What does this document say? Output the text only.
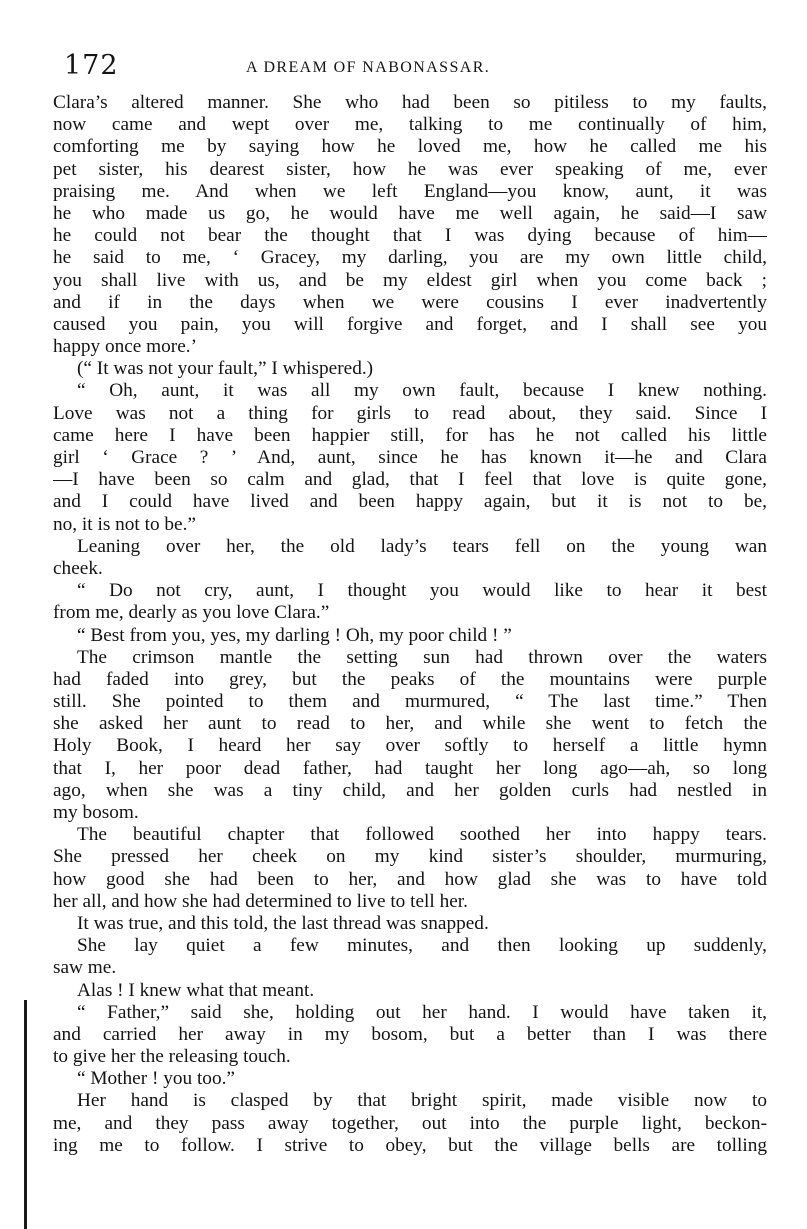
172	A DREAM OF NABONASSAR.
Clara’s altered manner. She who had been so pitiless to my faults,
now came and wept over me, talking to me continually of him,
comforting me by saying how he loved me, how he called me his
pet sister, his dearest sister, how he was ever speaking of me, ever
praising me. And when we left England—you know, aunt, it was
he who made us go, he would have me well again, he said—I saw
he could not bear the thought that I was dying because of him—
he said to me, ‘ Gracey, my darling, you are my own little child,
you shall live with us, and be my eldest girl when you come back ;
and if in the days when we were cousins I ever inadvertently
caused you pain, you will forgive and forget, and I shall see you
happy once more.’
(“ It was not your fault,” I whispered.)
“ Oh, aunt, it was all my own fault, because I knew nothing.
Love was not a thing for girls to read about, they said. Since I
came here I have been happier still, for has he not called his little
girl ‘ Grace ? ’ And, aunt, since he has known it—he and Clara
—I have been so calm and glad, that I feel that love is quite gone,
and I could have lived and been happy again, but it is not to be,
no, it is not to be.”
Leaning over her, the old lady’s tears fell on the young wan
cheek.
“ Do not cry, aunt, I thought you would like to hear it best
from me, dearly as you love Clara.”
“ Best from you, yes, my darling ! Oh, my poor child ! ”
The crimson mantle the setting sun had thrown over the waters
had faded into grey, but the peaks of the mountains were purple
still. She pointed to them and murmured, “ The last time.” Then
she asked her aunt to read to her, and while she went to fetch the
Holy Book, I heard her say over softly to herself a little hymn
that I, her poor dead father, had taught her long ago—ah, so long
ago, when she was a tiny child, and her golden curls had nestled in
my bosom.
The beautiful chapter that followed soothed her into happy tears.
She pressed her cheek on my kind sister’s shoulder, murmuring,
how good she had been to her, and how glad she was to have told
her all, and how she had determined to live to tell her.
It was true, and this told, the last thread was snapped.
She lay quiet a few minutes, and then looking up suddenly,
saw me.
Alas ! I knew what that meant.
“ Father,” said she, holding out her hand. I would have taken it,
and carried her away in my bosom, but a better than I was there
to give her the releasing touch.
“ Mother ! you too.”
Her hand is clasped by that bright spirit, made visible now to
me, and they pass away together, out into the purple light, beckon-
ing me to follow. I strive to obey, but the village bells are tolling
